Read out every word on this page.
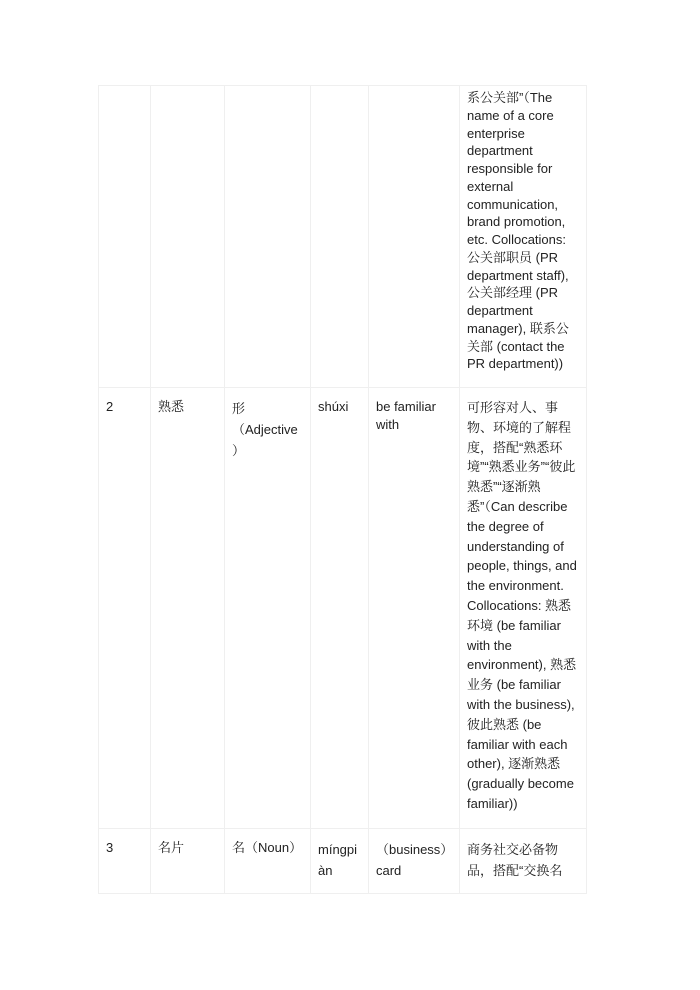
					系公关部”（The name of a core enterprise department responsible for external communication, brand promotion, etc. Collocations: 公关部职员 (PR department staff), 公关部经理 (PR department manager), 联系公关部 (contact the PR department))
2	熟悉	形（Adjective）	shúxi	be familiar with	可形容对人、事物、环境的了解程度，搭配“熟悉环境”“熟悉业务”“彼此熟悉”“逐渐熟悉”（Can describe the degree of understanding of people, things, and the environment. Collocations: 熟悉环境 (be familiar with the environment), 熟悉业务 (be familiar with the business), 彼此熟悉 (be familiar with each other), 逐渐熟悉 (gradually become familiar))
3	名片	名（Noun）	míngpiàn	（business）card	商务社交必备物品，搭配“交换名
